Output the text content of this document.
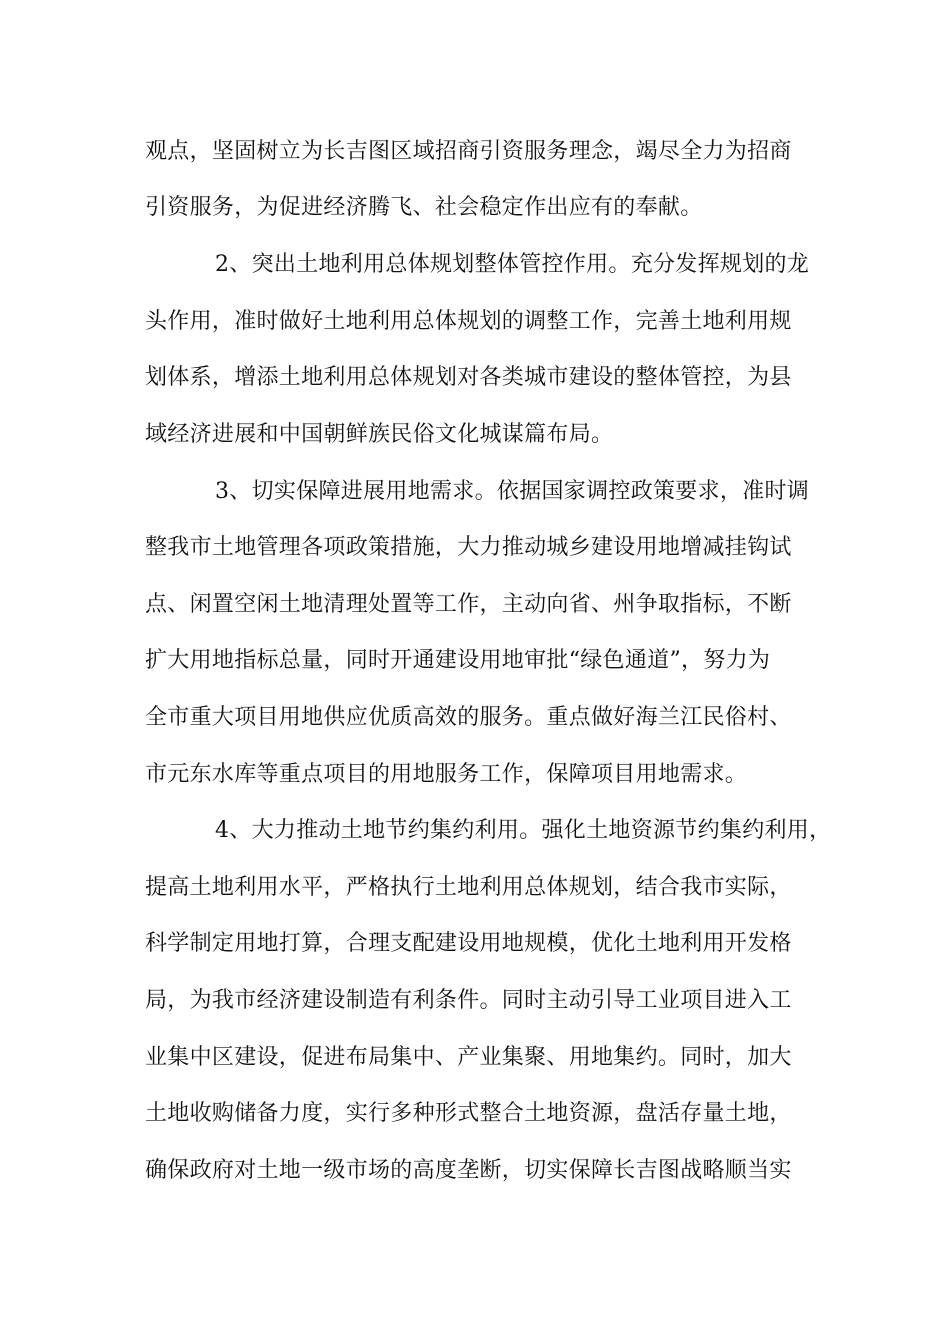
观点，坚固树立为长吉图区域招商引资服务理念，竭尽全力为招商
引资服务，为促进经济腾飞、社会稳定作出应有的奉献。
2、突出土地利用总体规划整体管控作用。充分发挥规划的龙
头作用，准时做好土地利用总体规划的调整工作，完善土地利用规
划体系，增添土地利用总体规划对各类城市建设的整体管控，为县
域经济进展和中国朝鲜族民俗文化城谋篇布局。
3、切实保障进展用地需求。依据国家调控政策要求，准时调
整我市土地管理各项政策措施，大力推动城乡建设用地增减挂钩试
点、闲置空闲土地清理处置等工作，主动向省、州争取指标，不断
扩大用地指标总量，同时开通建设用地审批“绿色通道”，努力为
全市重大项目用地供应优质高效的服务。重点做好海兰江民俗村、
市元东水库等重点项目的用地服务工作，保障项目用地需求。
4、大力推动土地节约集约利用。强化土地资源节约集约利用，
提高土地利用水平，严格执行土地利用总体规划，结合我市实际，
科学制定用地打算，合理支配建设用地规模，优化土地利用开发格
局，为我市经济建设制造有利条件。同时主动引导工业项目进入工
业集中区建设，促进布局集中、产业集聚、用地集约。同时，加大
土地收购储备力度，实行多种形式整合土地资源，盘活存量土地，
确保政府对土地一级市场的高度垄断，切实保障长吉图战略顺当实
